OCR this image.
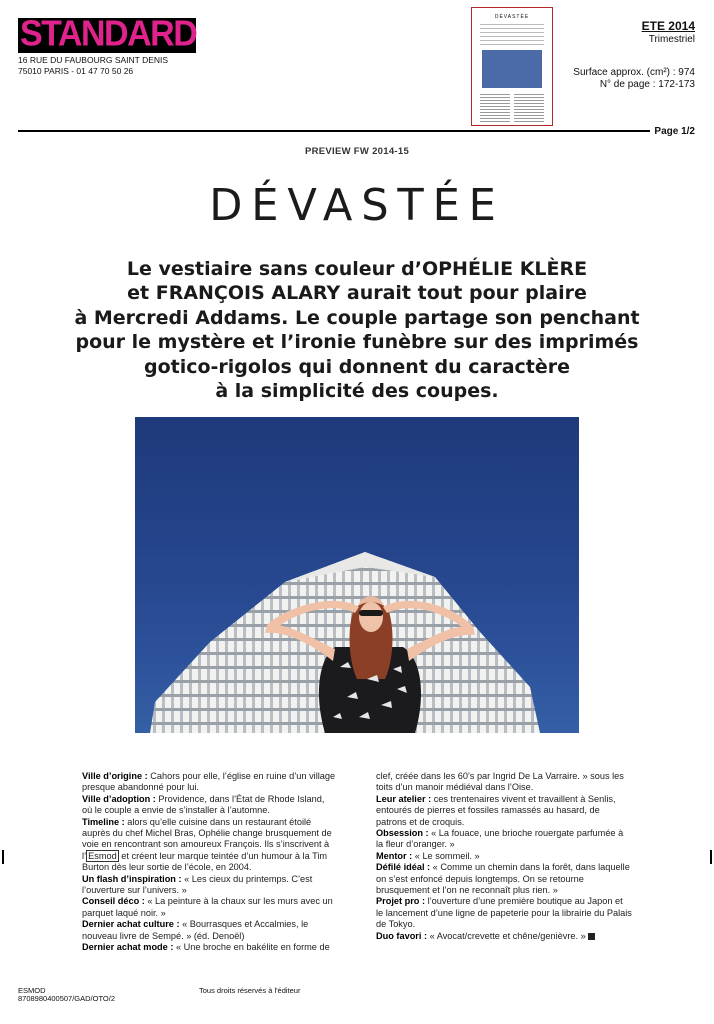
STANDARD
16 RUE DU FAUBOURG SAINT DENIS
75010 PARIS - 01 47 70 50 26
DÉVASTÉE
ETE 2014
Trimestriel
Surface approx. (cm²) : 974
N° de page : 172-173
Page 1/2
PREVIEW FW 2014-15
DÉVASTÉE
Le vestiaire sans couleur d’OPHÉLIE KLÈRE
et FRANÇOIS ALARY aurait tout pour plaire
à Mercredi Addams. Le couple partage son penchant
pour le mystère et l’ironie funèbre sur des imprimés
gotico-rigolos qui donnent du caractère
à la simplicité des coupes.

Ville d’origine : Cahors pour elle, l’église en ruine d’un village presque abandonné pour lui.

Ville d’adoption : Providence, dans l’État de Rhode Island, où le couple a envie de s’installer à l’automne.

Timeline : alors qu’elle cuisine dans un restaurant étoilé auprès du chef Michel Bras, Ophélie change brusquement de voie en rencontrant son amoureux François. Ils s’inscrivent à l’ Esmod et créent leur marque teintée d’un humour à la Tim Burton dès leur sortie de l’école, en 2004.

Un flash d’inspiration : « Les cieux du printemps. C’est l’ouverture sur l’univers. »

Conseil déco : « La peinture à la chaux sur les murs avec un parquet laqué noir. »

Dernier achat culture : « Bourrasques et Accalmies, le nouveau livre de Sempé. » (éd. Denoël)

Dernier achat mode : « Une broche en bakélite en forme de

clef, créée dans les 60’s par Ingrid De La Varraire. » sous les toits d’un manoir médiéval dans l’Oise.

Leur atelier : ces trentenaires vivent et travaillent à Senlis, entourés de pierres et fossiles ramassés au hasard, de patrons et de croquis.

Obsession : « La fouace, une brioche rouergate parfumée à la fleur d’oranger. »

Mentor : « Le sommeil. »

Défilé idéal : « Comme un chemin dans la forêt, dans laquelle on s’est enfoncé depuis longtemps. On se retourne brusquement et l’on ne reconnaît plus rien. »

Projet pro : l’ouverture d’une première boutique au Japon et le lancement d’une ligne de papeterie pour la librairie du Palais de Tokyo.

Duo favori : « Avocat/crevette et chêne/genièvre. »

ESMOD
8708980400507/GAD/OTO/2
Tous droits réservés à l'éditeur
